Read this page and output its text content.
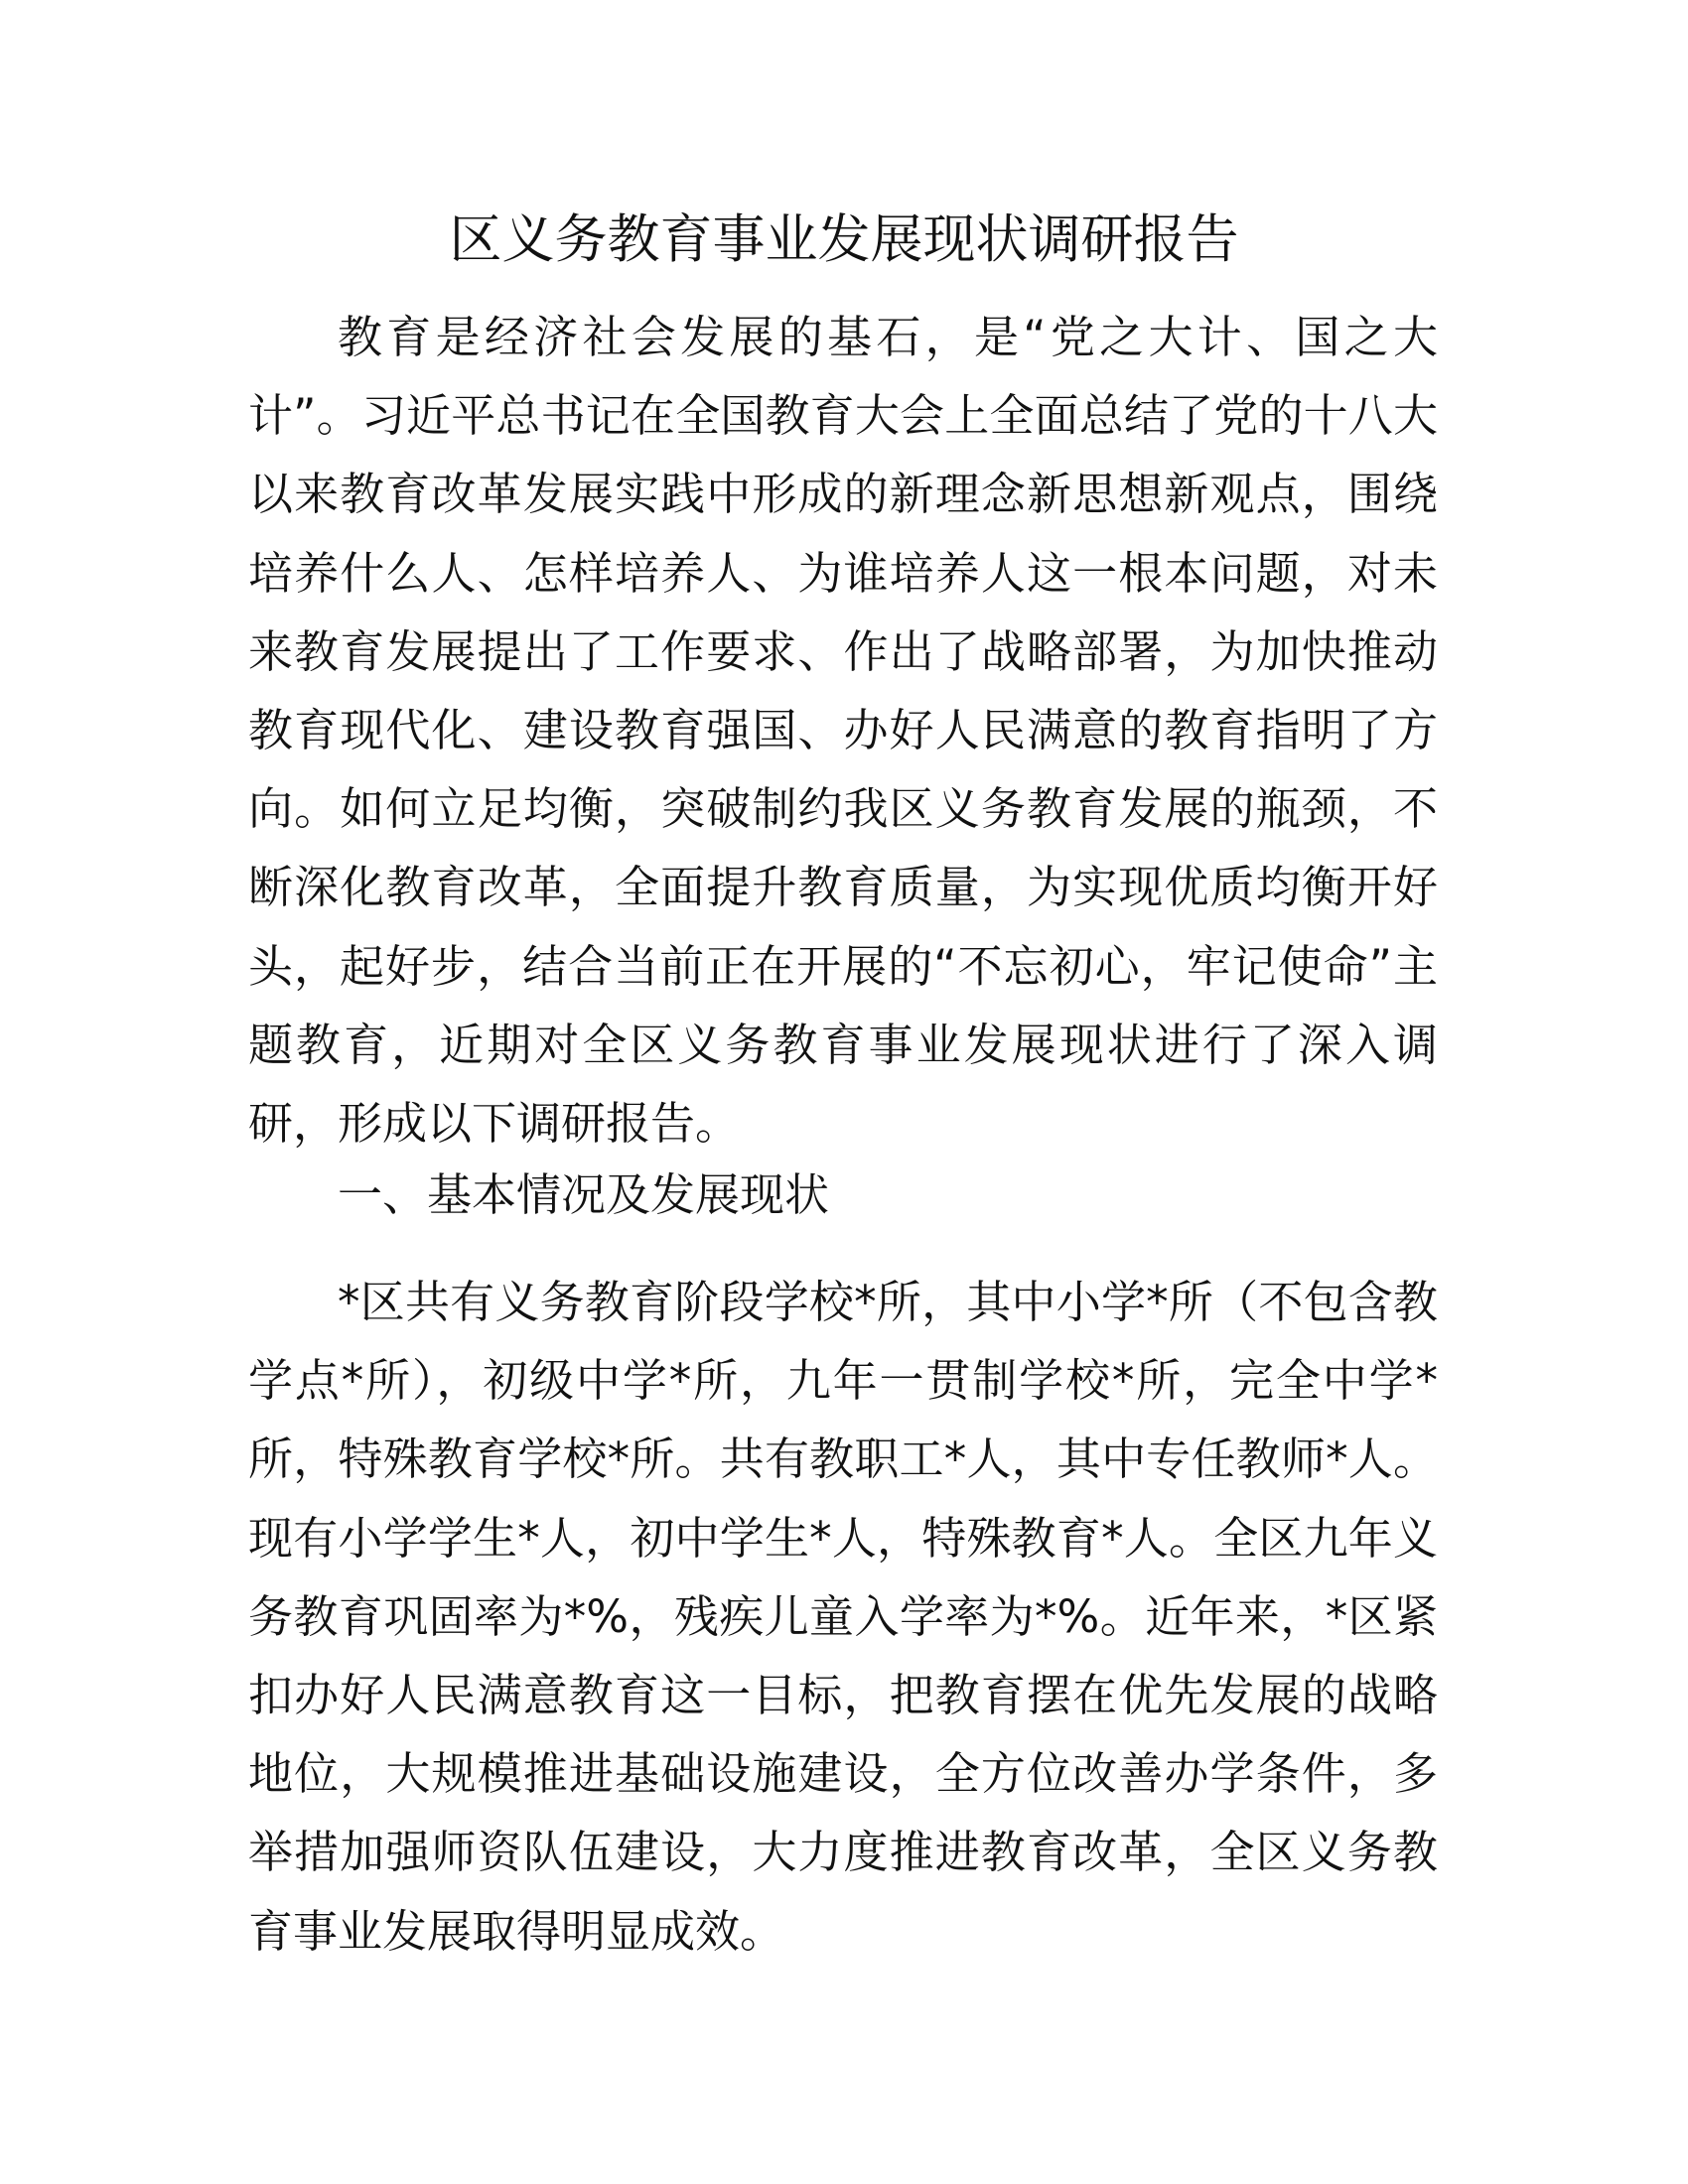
区义务教育事业发展现状调研报告

教育是经济社会发展的基石，是“党之大计、国之大计”。习近平总书记在全国教育大会上全面总结了党的十八大以来教育改革发展实践中形成的新理念新思想新观点，围绕培养什么人、怎样培养人、为谁培养人这一根本问题，对未来教育发展提出了工作要求、作出了战略部署，为加快推动教育现代化、建设教育强国、办好人民满意的教育指明了方向。如何立足均衡，突破制约我区义务教育发展的瓶颈，不断深化教育改革，全面提升教育质量，为实现优质均衡开好头，起好步，结合当前正在开展的“不忘初心，牢记使命”主题教育，近期对全区义务教育事业发展现状进行了深入调研，形成以下调研报告。

一、基本情况及发展现状

*区共有义务教育阶段学校*所，其中小学*所（不包含教学点*所），初级中学*所，九年一贯制学校*所，完全中学*所，特殊教育学校*所。共有教职工*人，其中专任教师*人。现有小学学生*人，初中学生*人，特殊教育*人。全区九年义务教育巩固率为*%，残疾儿童入学率为*%。近年来，*区紧扣办好人民满意教育这一目标，把教育摆在优先发展的战略地位，大规模推进基础设施建设，全方位改善办学条件，多举措加强师资队伍建设，大力度推进教育改革，全区义务教育事业发展取得明显成效。
